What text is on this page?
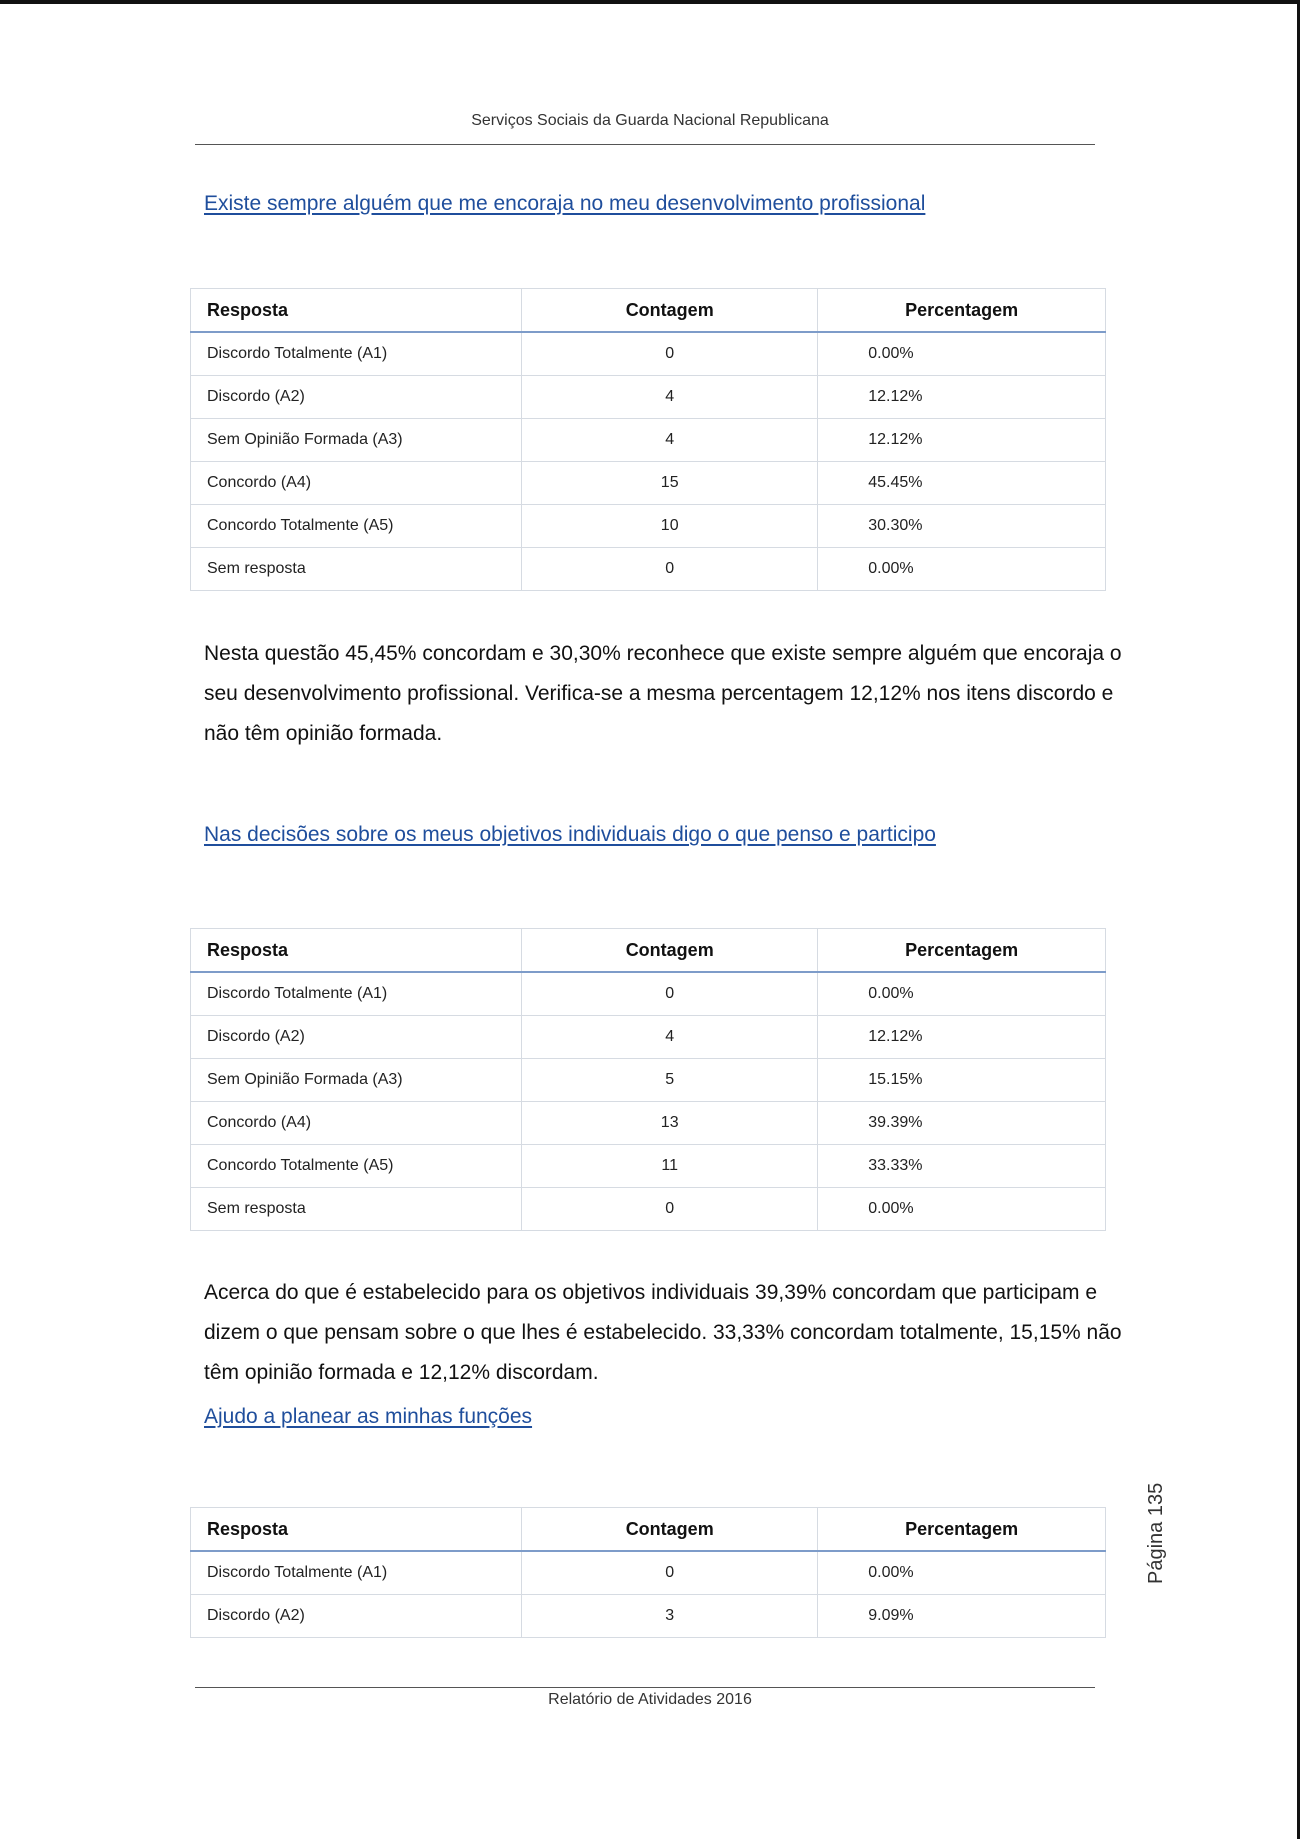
Serviços Sociais da Guarda Nacional Republicana
Existe sempre alguém que me encoraja no meu desenvolvimento profissional
Resposta	Contagem	Percentagem
Discordo Totalmente (A1)	0	0.00%
Discordo (A2)	4	12.12%
Sem Opinião Formada (A3)	4	12.12%
Concordo (A4)	15	45.45%
Concordo Totalmente (A5)	10	30.30%
Sem resposta	0	0.00%
Nesta questão 45,45% concordam e 30,30% reconhece que existe sempre alguém que encoraja o seu desenvolvimento profissional. Verifica-se a mesma percentagem 12,12% nos itens discordo e não têm opinião formada.
Nas decisões sobre os meus objetivos individuais digo o que penso e participo
Resposta	Contagem	Percentagem
Discordo Totalmente (A1)	0	0.00%
Discordo (A2)	4	12.12%
Sem Opinião Formada (A3)	5	15.15%
Concordo (A4)	13	39.39%
Concordo Totalmente (A5)	11	33.33%
Sem resposta	0	0.00%
Acerca do que é estabelecido para os objetivos individuais 39,39% concordam que participam e dizem o que pensam sobre o que lhes é estabelecido. 33,33% concordam totalmente, 15,15% não têm opinião formada e 12,12% discordam.
Ajudo a planear as minhas funções
Resposta	Contagem	Percentagem
Discordo Totalmente (A1)	0	0.00%
Discordo (A2)	3	9.09%
Página 135
Relatório de Atividades 2016
